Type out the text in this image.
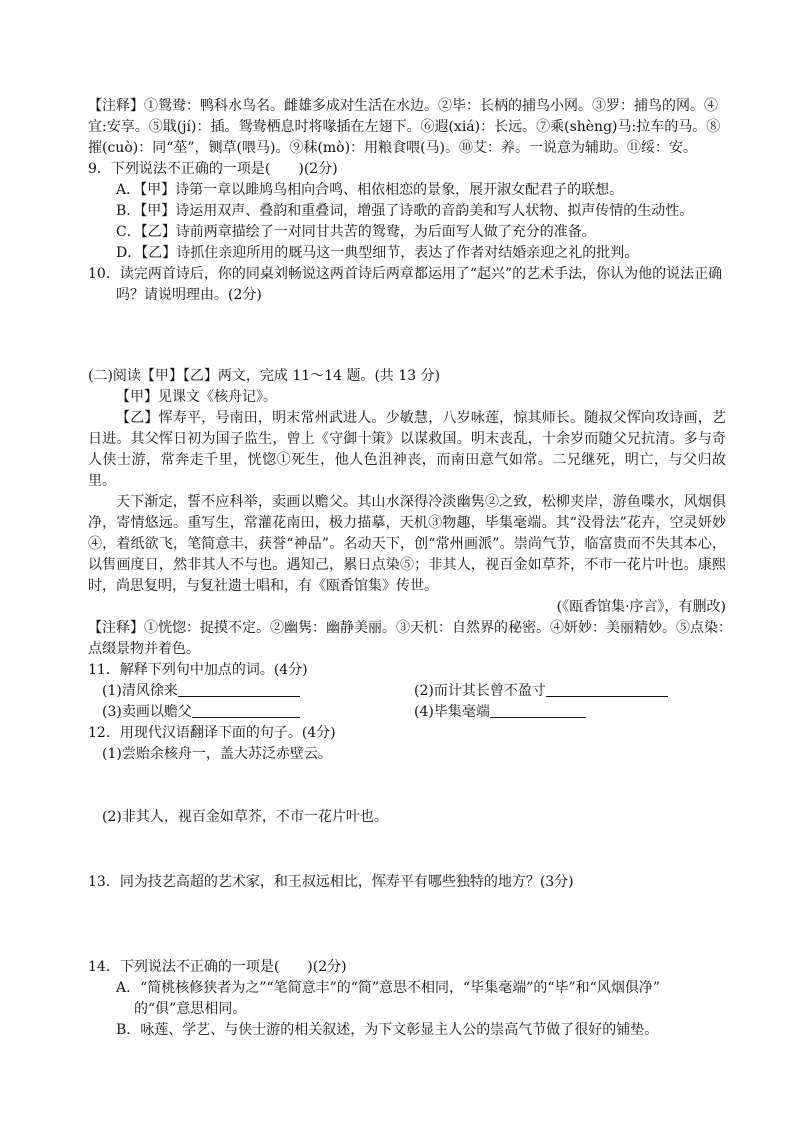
【注释】①鸳鸯：鸭科水鸟名。雌雄多成对生活在水边。②毕：长柄的捕鸟小网。③罗：捕鸟的网。④
宜:安享。⑤戢(jí)：插。鸳鸯栖息时将喙插在左翅下。⑥遐(xiá)：长远。⑦乘(shèng)马:拉车的马。⑧
摧(cuò)：同“莝”，铡草(喂马)。⑨秣(mò)：用粮食喂(马)。⑩艾：养。一说意为辅助。⑪绥：安。
9．下列说法不正确的一项是(　　)(2分)
A．【甲】诗第一章以雎鸠鸟相向合鸣、相依相恋的景象，展开淑女配君子的联想。
B．【甲】诗运用双声、叠韵和重叠词，增强了诗歌的音韵美和写人状物、拟声传情的生动性。
C．【乙】诗前两章描绘了一对同甘共苦的鸳鸯，为后面写人做了充分的准备。
D．【乙】诗抓住亲迎所用的厩马这一典型细节，表达了作者对结婚亲迎之礼的批判。
10．读完两首诗后，你的同桌刘畅说这两首诗后两章都运用了“起兴”的艺术手法，你认为他的说法正确
吗？请说明理由。(2分)
(二)阅读【甲】【乙】两文，完成 11～14 题。(共 13 分)
【甲】见课文《核舟记》。
【乙】恽寿平，号南田，明末常州武进人。少敏慧，八岁咏莲，惊其师长。随叔父恽向攻诗画，艺日进。其父恽日初为国子监生，曾上《守御十策》以谋救国。明末丧乱，十余岁而随父兄抗清。多与奇人侠士游，常奔走千里，恍惚①死生，他人色沮神丧，而南田意气如常。二兄继死，明亡，与父归故里。
天下渐定，誓不应科举，卖画以赡父。其山水深得冷淡幽隽②之致，松柳夹岸，游鱼喋水，风烟俱净，寄情悠远。重写生，常灌花南田，极力描摹，天机③物趣，毕集毫端。其“没骨法”花卉，空灵妍妙④，着纸欲飞，笔简意丰，获誉“神品”。名动天下，创“常州画派”。崇尚气节，临富贵而不失其本心，以售画度日，然非其人不与也。遇知己，累日点染⑤；非其人，视百金如草芥，不市一花片叶也。康熙时，尚思复明，与复社遗士唱和，有《瓯香馆集》传世。
(《瓯香馆集·序言》，有删改)
【注释】①恍惚：捉摸不定。②幽隽：幽静美丽。③天机：自然界的秘密。④妍妙：美丽精妙。⑤点染：
点缀景物并着色。
11．解释下列句中加点的词。(4分)
(1)清风徐来	(2)而计其长曾不盈寸
(3)卖画以赡父	(4)毕集毫端
12．用现代汉语翻译下面的句子。(4分)
(1)尝贻余核舟一，盖大苏泛赤壁云。
(2)非其人，视百金如草芥，不市一花片叶也。
13．同为技艺高超的艺术家，和王叔远相比，恽寿平有哪些独特的地方？(3分)
14．下列说法不正确的一项是(　　)(2分)
A．“简桃核修狭者为之”“笔简意丰”的“简”意思不相同，“毕集毫端”的“毕”和“风烟俱净”
的“俱”意思相同。
B．咏莲、学艺、与侠士游的相关叙述，为下文彰显主人公的崇高气节做了很好的铺垫。
